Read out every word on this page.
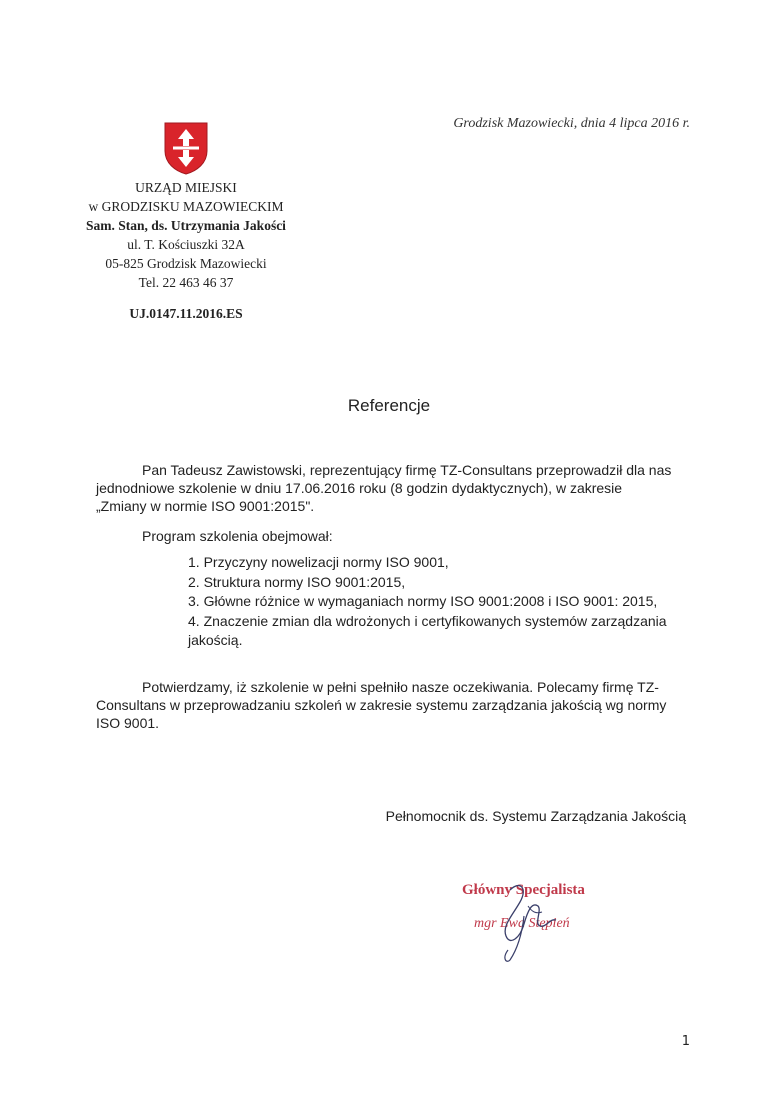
Grodzisk Mazowiecki, dnia 4 lipca 2016 r.
URZĄD MIEJSKI
w GRODZISKU MAZOWIECKIM
Sam. Stan, ds. Utrzymania Jakości
ul. T. Kościuszki 32A
05-825 Grodzisk Mazowiecki
Tel. 22 463 46 37
UJ.0147.11.2016.ES
Referencje
Pan Tadeusz Zawistowski, reprezentujący firmę TZ-Consultans przeprowadził dla nas
jednodniowe szkolenie w dniu 17.06.2016 roku (8 godzin dydaktycznych), w zakresie
„Zmiany w normie ISO 9001:2015".
Program szkolenia obejmował:
1. Przyczyny nowelizacji normy ISO 9001,
2. Struktura normy ISO 9001:2015,
3. Główne różnice w wymaganiach normy ISO 9001:2008 i ISO 9001: 2015,
4. Znaczenie zmian dla wdrożonych i certyfikowanych systemów zarządzania
jakością.
Potwierdzamy, iż szkolenie w pełni spełniło nasze oczekiwania. Polecamy firmę TZ-
Consultans w przeprowadzaniu szkoleń w zakresie systemu zarządzania jakością wg normy
ISO 9001.
Pełnomocnik ds. Systemu Zarządzania Jakością
Główny Specjalista
mgr Ewa Stępień
1
